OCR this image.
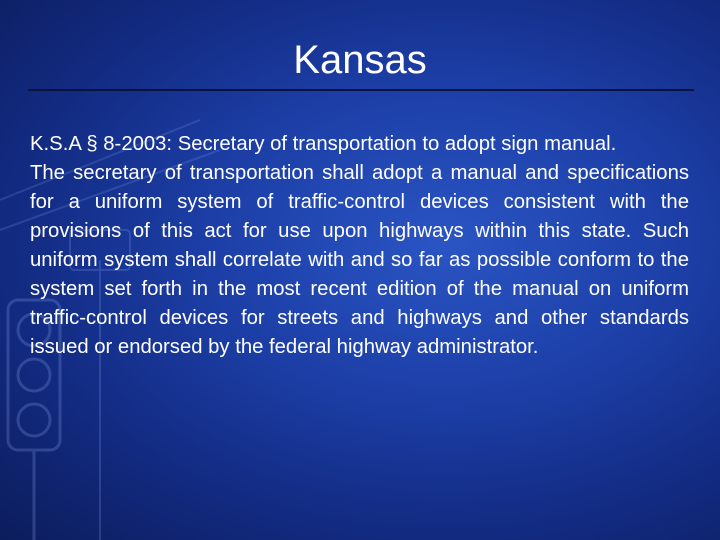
Kansas

K.S.A § 8-2003: Secretary of transportation to adopt sign manual.

The secretary of transportation shall adopt a manual and specifications for a uniform system of traffic-control devices consistent with the provisions of this act for use upon highways within this state. Such uniform system shall correlate with and so far as possible conform to the system set forth in the most recent edition of the manual on uniform traffic-control devices for streets and highways and other standards issued or endorsed by the federal highway administrator.
